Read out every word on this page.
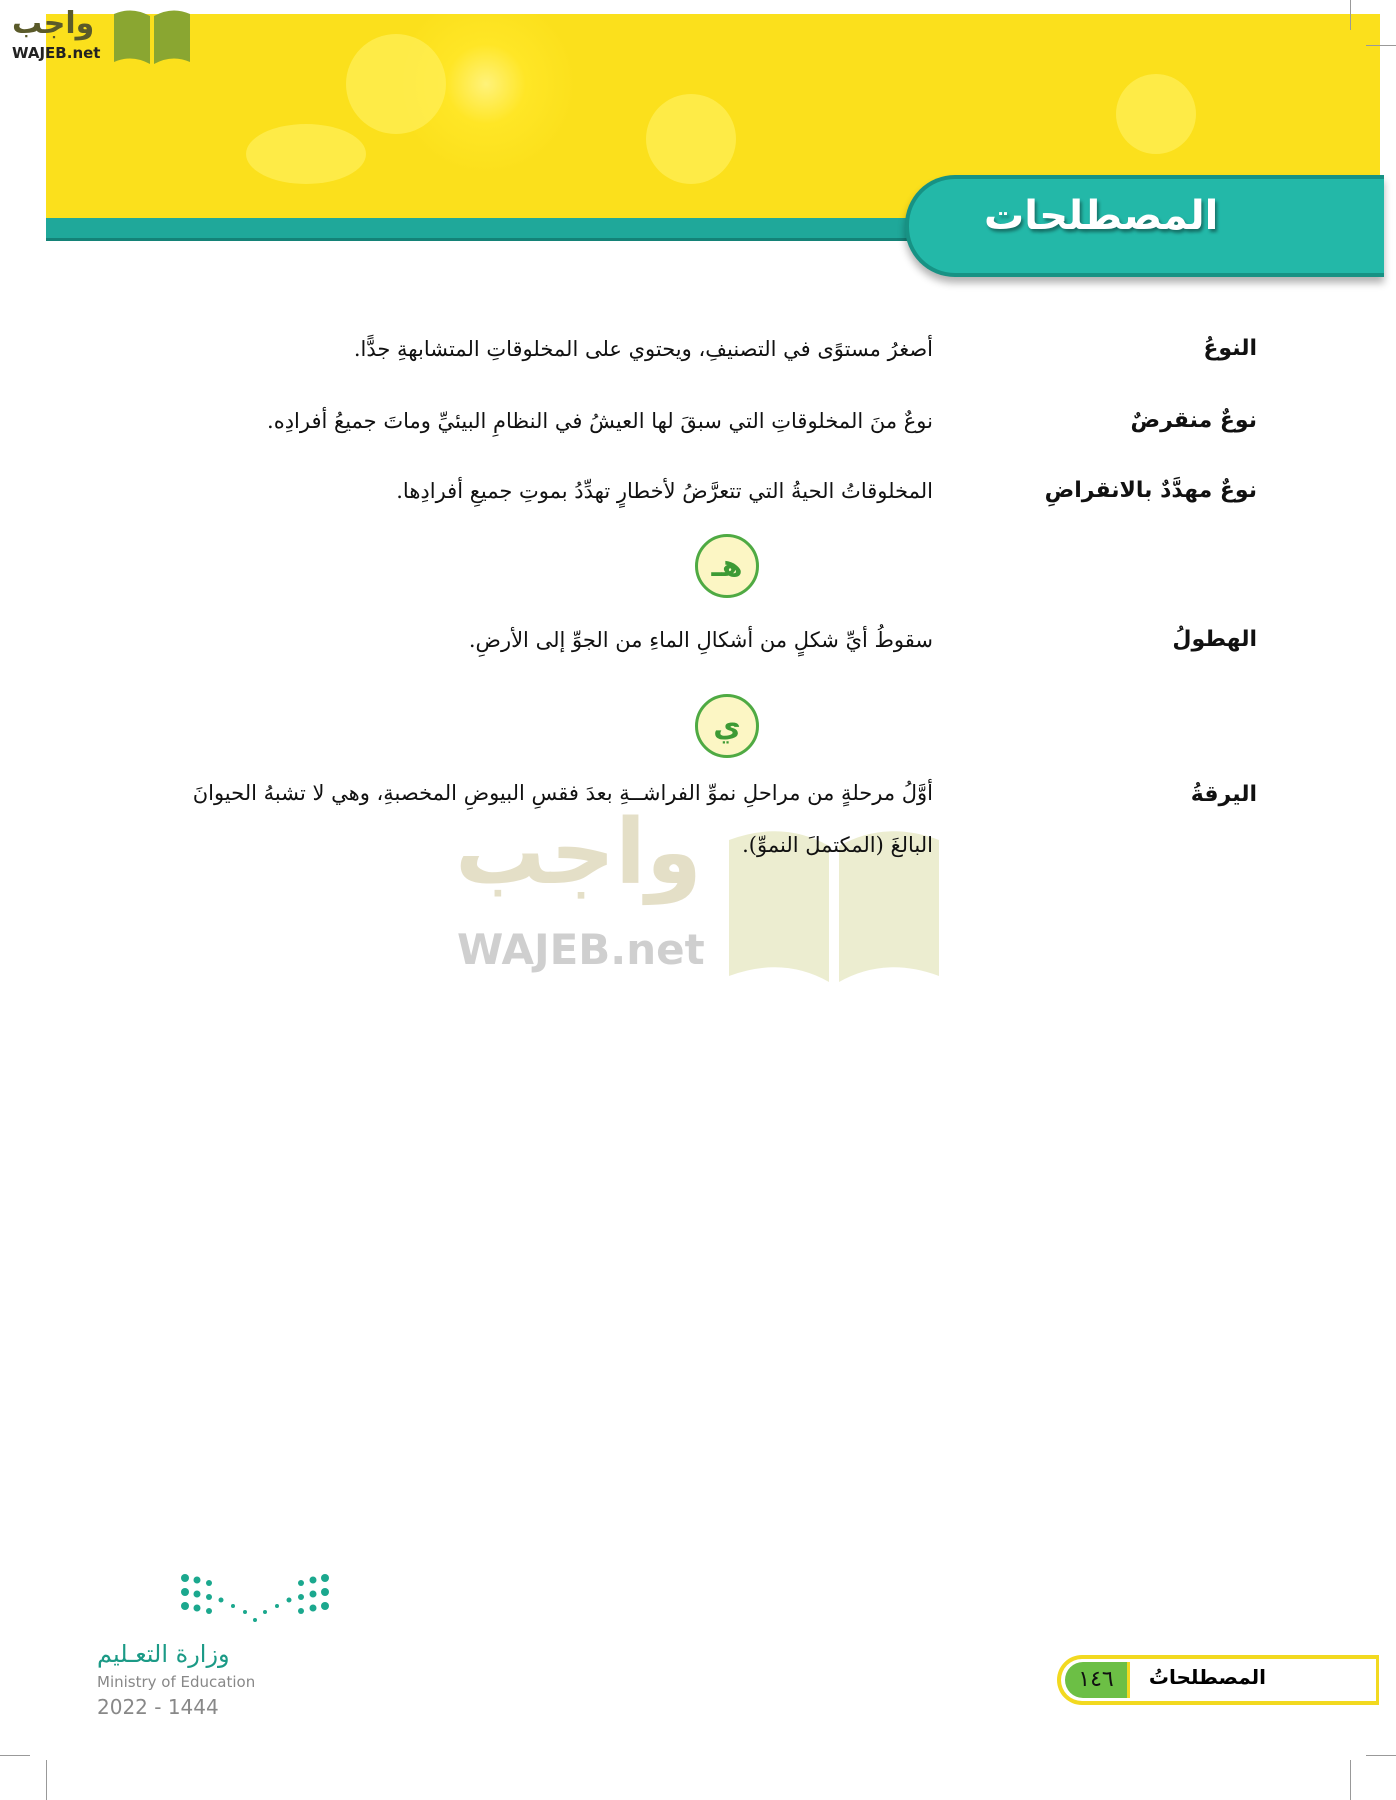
المصطلحات
واجب
WAJEB.net
واجب
WAJEB.net
النوعُ
أصغرُ مستوًى في التصنيفِ، ويحتوي على المخلوقاتِ المتشابهةِ جدًّا.
نوعٌ منقرضٌ
نوعٌ منَ المخلوقاتِ التي سبقَ لها العيشُ في النظامِ البيئيِّ وماتَ جميعُ أفرادِه.
نوعٌ مهدَّدٌ بالانقراضِ
المخلوقاتُ الحيةُ التي تتعرَّضُ لأخطارٍ تهدِّدُ بموتِ جميعِ أفرادِها.
هـ
الهطولُ
سقوطُ أيِّ شكلٍ من أشكالِ الماءِ من الجوِّ إلى الأرضِ.
ي
اليرقةُ
أوَّلُ مرحلةٍ من مراحلِ نموِّ الفراشــةِ بعدَ فقسِ البيوضِ المخصبةِ، وهي لا تشبهُ الحيوانَ البالغَ (المكتملَ النموِّ).
وزارة التعـليم
Ministry of Education
2022 - 1444
١٤٦	المصطلحاتُ
